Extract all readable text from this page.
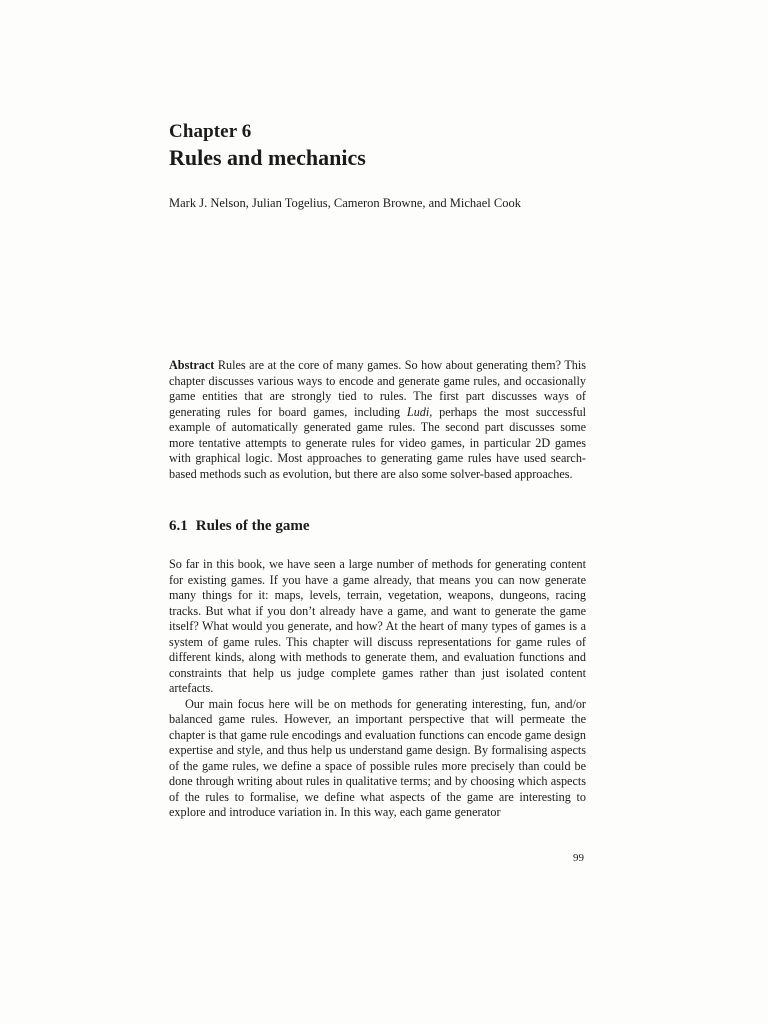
Chapter 6
Rules and mechanics
Mark J. Nelson, Julian Togelius, Cameron Browne, and Michael Cook
Abstract Rules are at the core of many games. So how about generating them? This chapter discusses various ways to encode and generate game rules, and occasionally game entities that are strongly tied to rules. The first part discusses ways of generating rules for board games, including Ludi, perhaps the most successful example of automatically generated game rules. The second part discusses some more tentative attempts to generate rules for video games, in particular 2D games with graphical logic. Most approaches to generating game rules have used search-based methods such as evolution, but there are also some solver-based approaches.
6.1 Rules of the game

So far in this book, we have seen a large number of methods for generating content for existing games. If you have a game already, that means you can now generate many things for it: maps, levels, terrain, vegetation, weapons, dungeons, racing tracks. But what if you don’t already have a game, and want to generate the game itself? What would you generate, and how? At the heart of many types of games is a system of game rules. This chapter will discuss representations for game rules of different kinds, along with methods to generate them, and evaluation functions and constraints that help us judge complete games rather than just isolated content artefacts.

Our main focus here will be on methods for generating interesting, fun, and/or balanced game rules. However, an important perspective that will permeate the chapter is that game rule encodings and evaluation functions can encode game design expertise and style, and thus help us understand game design. By formalising aspects of the game rules, we define a space of possible rules more precisely than could be done through writing about rules in qualitative terms; and by choosing which aspects of the rules to formalise, we define what aspects of the game are interesting to explore and introduce variation in. In this way, each game generator

99
